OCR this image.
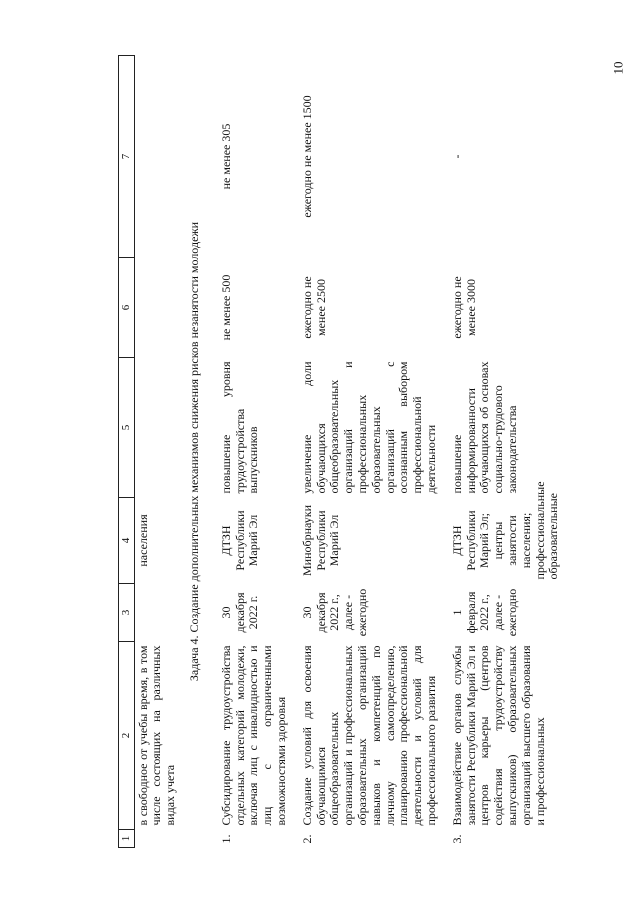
10
1	2	3	4	5	6	7
	в свободное от учебы время, в том числе состоящих на различных видах учета		населения			
Задача 4. Создание дополнительных механизмов снижения рисков незанятости молодежи						
1.	Субсидирование трудоустройства отдельных категорий молодежи, включая лиц с инвалидностью и лиц с ограниченными возможностями здоровья	30 декабря 2022 г.	ДТЗН Республики Марий Эл	повышение уровня трудоустройства выпускников	не менее 500	не менее 305
2.	Создание условий для освоения обучающимися общеобразовательных организаций и профессиональных образовательных организаций навыков и компетенций по личному самоопределению, планированию профессиональной деятельности и условий для профессионального развития	30 декабря 2022 г., далее - ежегодно	Минобрнауки Республики Марий Эл	увеличение доли обучающихся общеобразовательных организаций и профессиональных образовательных организаций с осознанным выбором профессиональной деятельности	ежегодно не менее 2500	ежегодно не менее 1500
3.	Взаимодействие органов службы занятости Республики Марий Эл и центров карьеры (центров содействия трудоустройству выпускников) образовательных организаций высшего образования и профессиональных	1 февраля 2022 г., далее - ежегодно	ДТЗН Республики Марий Эл; центры занятости населения; профессиональные образовательные	повышение информированности обучающихся об основах социально-трудового законодательства	ежегодно не менее 3000	-
